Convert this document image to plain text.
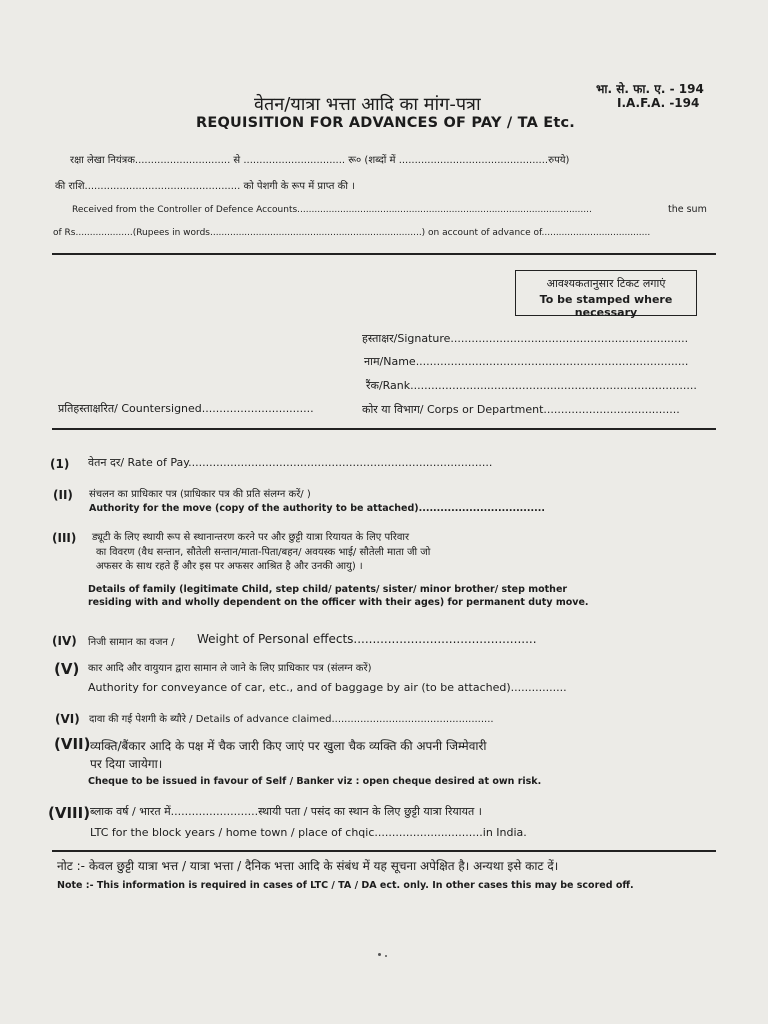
भा. से. फा. ए. - 194
I.A.F.A. -194
वेतन/यात्रा भत्ता आदि का मांग-पत्रा
REQUISITION FOR ADVANCES OF PAY / TA Etc.
रक्षा लेखा नियंत्रक.............................. से ................................ रू० (शब्दों में ...............................................रुपये)
की राशि................................................. को पेशगी के रूप में प्राप्त की ।
Received from the Controller of Defence Accounts.......................................................................................................	the sum
of Rs....................(Rupees in words..........................................................................) on account of advance of......................................
आवश्यकतानुसार टिकट लगाएं
To be stamped where necessary
हस्ताक्षर/Signature....................................................................
नाम/Name..............................................................................
रैंक/Rank..................................................................................
कोर या विभाग/ Corps or Department.......................................
प्रतिहस्ताक्षरित/ Countersigned................................
(1) वेतन दर/ Rate of Pay.......................................................................................
(II) संचलन का प्राधिकार पत्र (प्राधिकार पत्र की प्रति संलग्न करें/ )
Authority for the move (copy of the authority to be attached)...................................
(III) ड्यूटी के लिए स्थायी रूप से स्थानान्तरण करने पर और छुट्टी यात्रा रियायत के लिए परिवार
का विवरण (वैध सन्तान, सौतेली सन्तान/माता-पिता/बहन/ अवयस्क भाई/ सौतेली माता जी जो
अफसर के साथ रहते हैं और इस पर अफसर आश्रित है और उनकी आयु) ।
Details of family (legitimate Child, step child/ patents/ sister/ minor brother/ step mother
residing with and wholly dependent on the officer with their ages) for permanent duty move.
(IV) निजी सामान का वजन / Weight of Personal effects................................................
(V) कार आदि और वायुयान द्वारा सामान ले जाने के लिए प्राधिकार पत्र (संलग्न करें)
Authority for conveyance of car, etc., and of baggage by air (to be attached)................
(VI) दावा की गई पेशगी के ब्यौरे / Details of advance claimed...................................................
(VII) व्यक्ति/बैंकार आदि के पक्ष में चैक जारी किए जाएं पर खुला चैक व्यक्ति की अपनी जिम्मेवारी
पर दिया जायेगा।
Cheque to be issued in favour of Self / Banker viz : open cheque desired at own risk.
(VIII) ब्लाक वर्ष / भारत में.........................स्थायी पता / पसंद का स्थान के लिए छुट्टी यात्रा रियायत ।
LTC for the block years / home town / place of chqic...............................in India.
नोट :- केवल छुट्टी यात्रा भत्त / यात्रा भत्ता / दैनिक भत्ता आदि के संबंध में यह सूचना अपेक्षित है। अन्यथा इसे काट दें।
Note :- This information is required in cases of LTC / TA / DA ect. only. In other cases this may be scored off.
